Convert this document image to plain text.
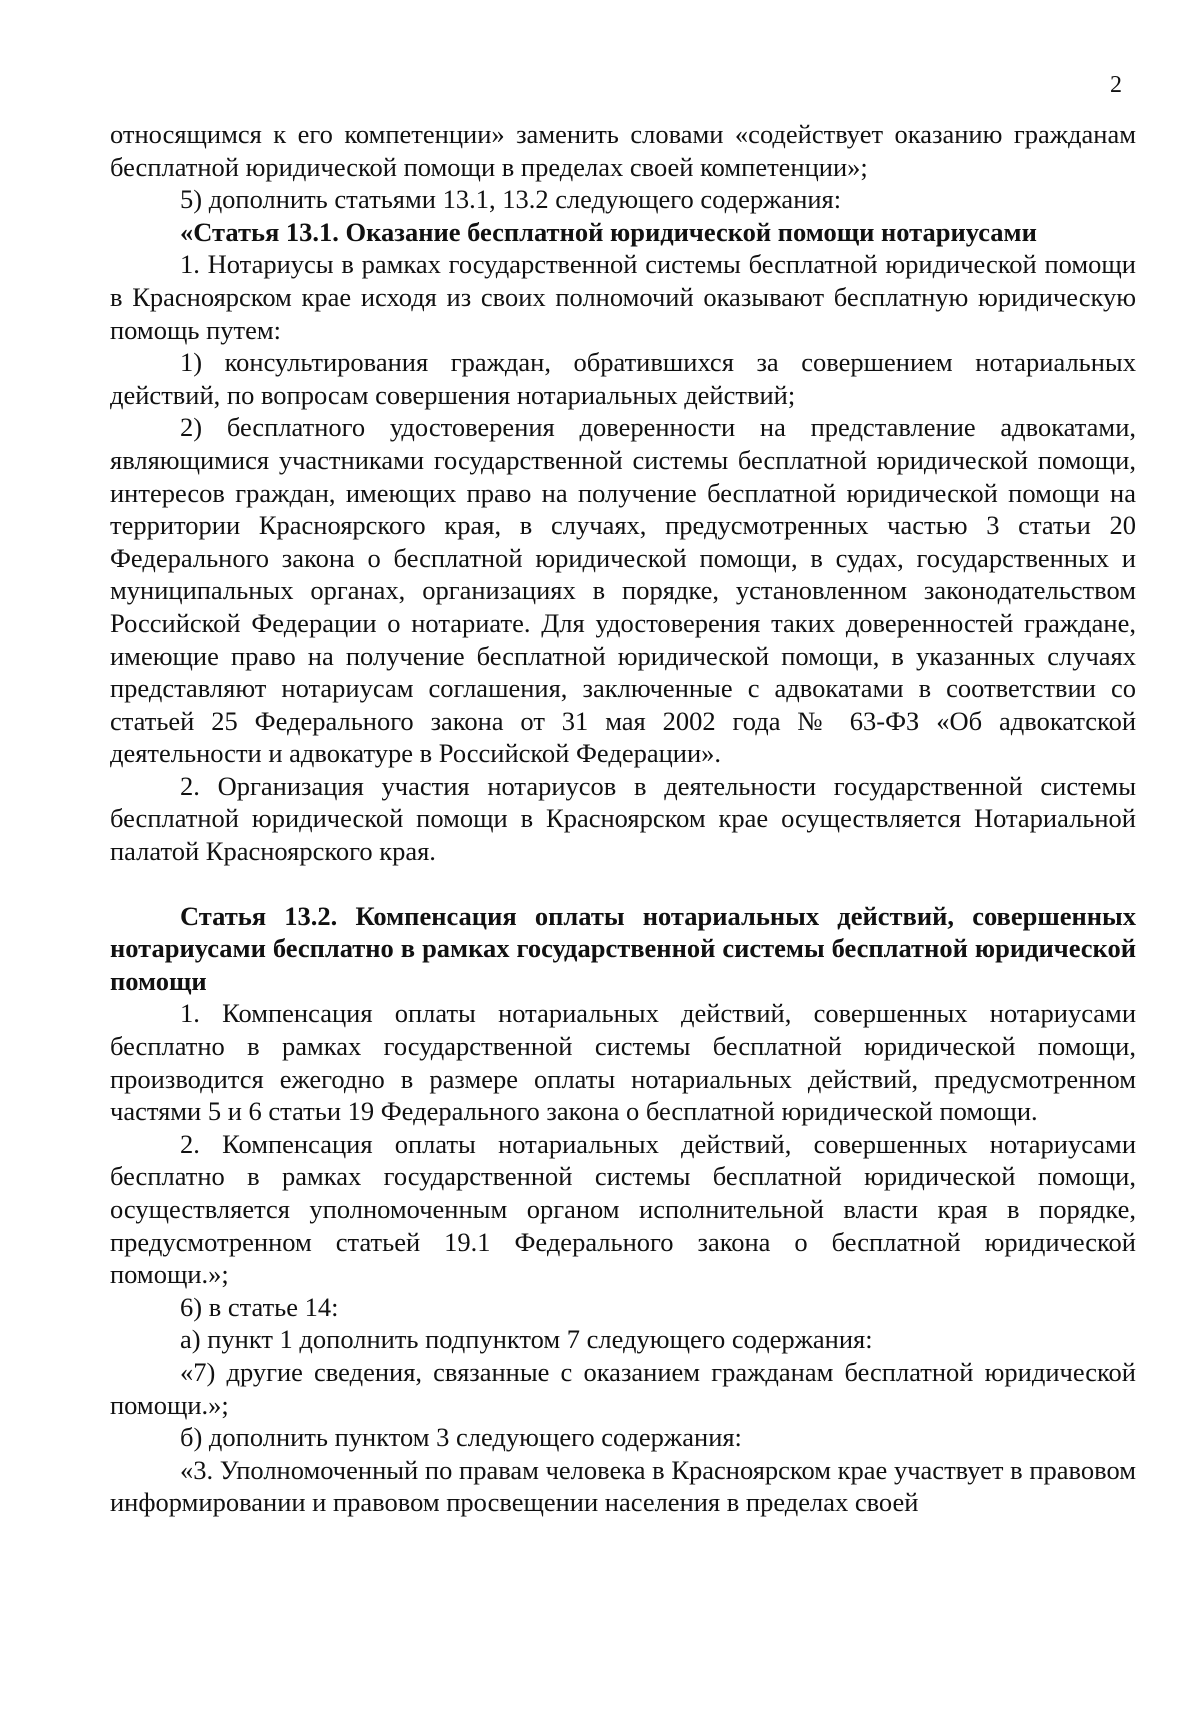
2

относящимся к его компетенции» заменить словами «содействует оказанию гражданам бесплатной юридической помощи в пределах своей компетенции»;

5) дополнить статьями 13.1, 13.2 следующего содержания:

«Статья 13.1. Оказание бесплатной юридической помощи нотариусами

1. Нотариусы в рамках государственной системы бесплатной юридической помощи в Красноярском крае исходя из своих полномочий оказывают бесплатную юридическую помощь путем:

1) консультирования граждан, обратившихся за совершением нотариальных действий, по вопросам совершения нотариальных действий;

2) бесплатного удостоверения доверенности на представление адвокатами, являющимися участниками государственной системы бесплатной юридической помощи, интересов граждан, имеющих право на получение бесплатной юридической помощи на территории Красноярского края, в случаях, предусмотренных частью 3 статьи 20 Федерального закона о бесплатной юридической помощи, в судах, государственных и муниципальных органах, организациях в порядке, установленном законодательством Российской Федерации о нотариате. Для удостоверения таких доверенностей граждане, имеющие право на получение бесплатной юридической помощи, в указанных случаях представляют нотариусам соглашения, заключенные с адвокатами в соответствии со статьей 25 Федерального закона от 31 мая 2002 года № 63-ФЗ «Об адвокатской деятельности и адвокатуре в Российской Федерации».

2. Организация участия нотариусов в деятельности государственной системы бесплатной юридической помощи в Красноярском крае осуществляется Нотариальной палатой Красноярского края.

Статья 13.2. Компенсация оплаты нотариальных действий, совершенных нотариусами бесплатно в рамках государственной системы бесплатной юридической помощи

1. Компенсация оплаты нотариальных действий, совершенных нотариусами бесплатно в рамках государственной системы бесплатной юридической помощи, производится ежегодно в размере оплаты нотариальных действий, предусмотренном частями 5 и 6 статьи 19 Федерального закона о бесплатной юридической помощи.

2. Компенсация оплаты нотариальных действий, совершенных нотариусами бесплатно в рамках государственной системы бесплатной юридической помощи, осуществляется уполномоченным органом исполнительной власти края в порядке, предусмотренном статьей 19.1 Федерального закона о бесплатной юридической помощи.»;

6) в статье 14:

а) пункт 1 дополнить подпунктом 7 следующего содержания:

«7) другие сведения, связанные с оказанием гражданам бесплатной юридической помощи.»;

б) дополнить пунктом 3 следующего содержания:

«3. Уполномоченный по правам человека в Красноярском крае участвует в правовом информировании и правовом просвещении населения в пределах своей
